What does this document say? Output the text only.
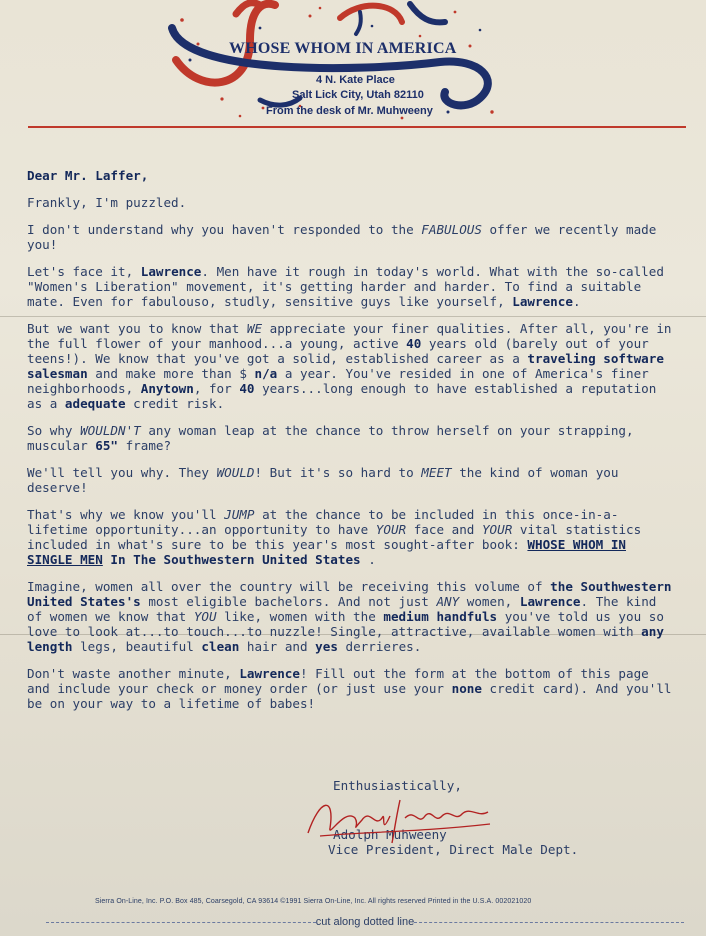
WHOSE WHOM IN AMERICA
4 N. Kate Place
Salt Lick City, Utah 82110
From the desk of Mr. Muhweeny

Dear Mr. Laffer,

Frankly, I'm puzzled.

I don't understand why you haven't responded to the FABULOUS offer we recently made you!

Let's face it, Lawrence. Men have it rough in today's world. What with the so-called "Women's Liberation" movement, it's getting harder and harder. To find a suitable mate. Even for fabulouso, studly, sensitive guys like yourself, Lawrence.

But we want you to know that WE appreciate your finer qualities. After all, you're in the full flower of your manhood...a young, active 40 years old (barely out of your teens!). We know that you've got a solid, established career as a traveling software salesman and make more than $ n/a a year. You've resided in one of America's finer neighborhoods, Anytown, for 40 years...long enough to have established a reputation as a adequate credit risk.

So why WOULDN'T any woman leap at the chance to throw herself on your strapping, muscular 65" frame?

We'll tell you why. They WOULD! But it's so hard to MEET the kind of woman you deserve!

That's why we know you'll JUMP at the chance to be included in this once-in-a-lifetime opportunity...an opportunity to have YOUR face and YOUR vital statistics included in what's sure to be this year's most sought-after book: WHOSE WHOM IN SINGLE MEN In The Southwestern United States .

Imagine, women all over the country will be receiving this volume of the Southwestern United States's most eligible bachelors. And not just ANY women, Lawrence. The kind of women we know that YOU like, women with the medium handfuls you've told us you so love to look at...to touch...to nuzzle! Single, attractive, available women with any length legs, beautiful clean hair and yes derrieres.

Don't waste another minute, Lawrence! Fill out the form at the bottom of this page and include your check or money order (or just use your none credit card). And you'll be on your way to a lifetime of babes!

Enthusiastically,
Adolph Muhweeny
Vice President, Direct Male Dept.
Sierra On-Line, Inc. P.O. Box 485, Coarsegold, CA 93614 ©1991 Sierra On-Line, Inc. All rights reserved Printed in the U.S.A. 002021020
cut along dotted line
